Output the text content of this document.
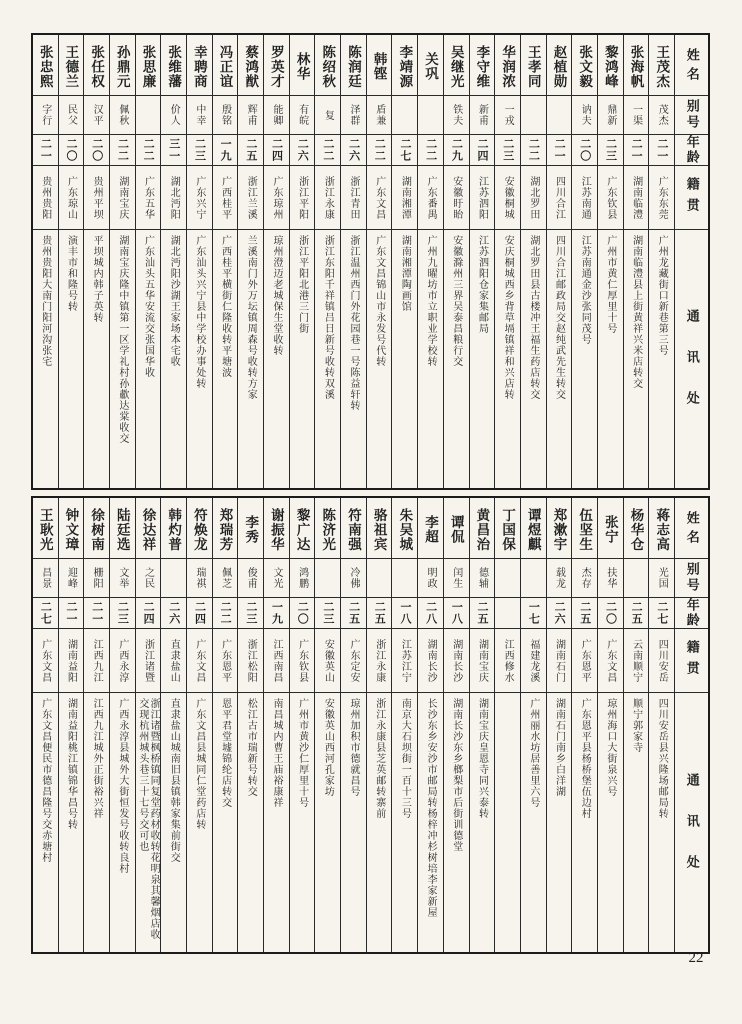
姓名
别号
年龄
籍贯
通讯处
王茂杰
茂杰
二一
广东东莞
广州龙藏街口新巷第三号
张海帆
一渠
二一
湖南临澧
湖南临澧县上街黄祥兴米店转交
黎鸿峰
鼎新
二三
广东钦县
广州市黄仁厚里十号
张文毅
讷夫
二〇
江苏南通
江苏南通金沙张同茂号
赵植勋
二一
四川合江
四川合江邮政局交赵纯武先生转交
王孝同
二二
湖北罗田
湖北罗田县古楼冲王福生药店转交
华润浓
一戎
二三
安徽桐城
安庆桐城西乡背草塥镇祥和兴店转
李守维
新甫
二四
江苏泗阳
江苏泗阳仓家集邮局
吴继光
铁夫
二九
安徽盱眙
安徽滁州三界吴泰昌粮行交
关巩
二二
广东番禺
广州九曜坊市立职业学校转
李靖源
二七
湖南湘潭
湖南湘潭陶画馆
韩铿
盾兼
二二
广东文昌
广东文昌锦山市永发号代转
陈润廷
泽群
二六
浙江青田
浙江温州西门外花园巷一号陈益轩转
陈绍秋
复
二二
浙江永康
浙江东阳千祥镇吕日新号收转双溪
林华
有皖
二六
浙江平阳
浙江平阳北港三门街
罗英才
能卿
二四
广东琼州
琼州澄迈老城保生堂收转
蔡鸿猷
辉甫
二五
浙江兰溪
兰溪南门外万坛镇周森号收转方家
冯正谊
殷铭
一九
广西桂平
广西桂平横街仁隆收转平塘波
幸聘商
中幸
二三
广东兴宁
广东汕头兴宁县中学校办事处转
张维藩
价人
三一
湖北沔阳
湖北沔阳沙湖王家场本宅收
张思廉
二二
广东五华
广东汕头五华安流交张国华收
孙鼎元
佩秋
二二
湖南宝庆
湖南宝庆隆中镇第一区学礼村孙歗达棠收交
张任权
汉平
二〇
贵州平坝
平坝城内韩子英转
王德兰
民父
二〇
广东琼山
演丰市和隆号转
张忠熙
字行
二一
贵州贵阳
贵州贵阳大南门阳河沟张宅
姓名
别号
年龄
籍贯
通讯处
蒋志高
光国
二七
四川安岳
四川安岳县兴隆场邮局转
杨华仓
二五
云南顺宁
顺宁郭家寺
张宁
扶华
二〇
广东文昌
琼州海口大街泉兴号
伍坚生
杰存
二五
广东恩平
广东恩平县杨桥堡伍边村
郑漱宇
载龙
二六
湖南石门
湖南石门南乡白洋湖
谭煜麒
一七
福建龙溪
广州丽水坊居善里六号
丁国保
江西修水
黄昌治
德辅
二五
湖南宝庆
湖南宝庆皇恩寺同兴泰转
谭侃
闰生
一八
湖南长沙
湖南长沙东乡榔梨市后街训德堂
李超
明政
二八
湖南长沙
长沙东乡安沙市邮局转杨梓冲杉树培李家新屋
朱吴城
一八
江苏江宁
南京大石坝街一百十三号
骆祖宾
二五
浙江永康
浙江永康县芝英邮转寨前
符南强
冷佛
二五
广东定安
琼州加积市德就昌号
陈济光
二三
安徽英山
安徽英山西河孔家坊
黎广达
鸿鹏
二〇
广东钦县
广州市黄沙仁厚里十号
谢振华
文光
一九
江西南昌
南昌城内曹王庙裕康祥
李秀
俊甫
二三
浙江松阳
松江古市瑞新号转交
郑瑞芳
佩芝
二二
广东恩平
恩平君堂墟锦纶店转交
符焕龙
瑞祺
二四
广东文昌
广东文昌县城同仁堂药店转
韩灼普
二六
直隶盐山
直隶盐山城南旧县镇韩家集前街交
徐达祥
之民
二四
浙江诸暨
浙江诸暨枫桥镇同复堂药材收转花明泉其馨烟店收交现杭州城头巷三十七号交可也
陆廷选
文举
二三
广西永淳
广西永淳县城外大街恒发号收转良村
徐树南
栅阳
二一
江西九江
江西九江城外正街裕兴祥
钟文璋
迎峰
二一
湖南益阳
湖南益阳桃江镇锦华昌号转
王耿光
昌景
二七
广东文昌
广东文昌便民市德昌隆号交赤塘村
22
